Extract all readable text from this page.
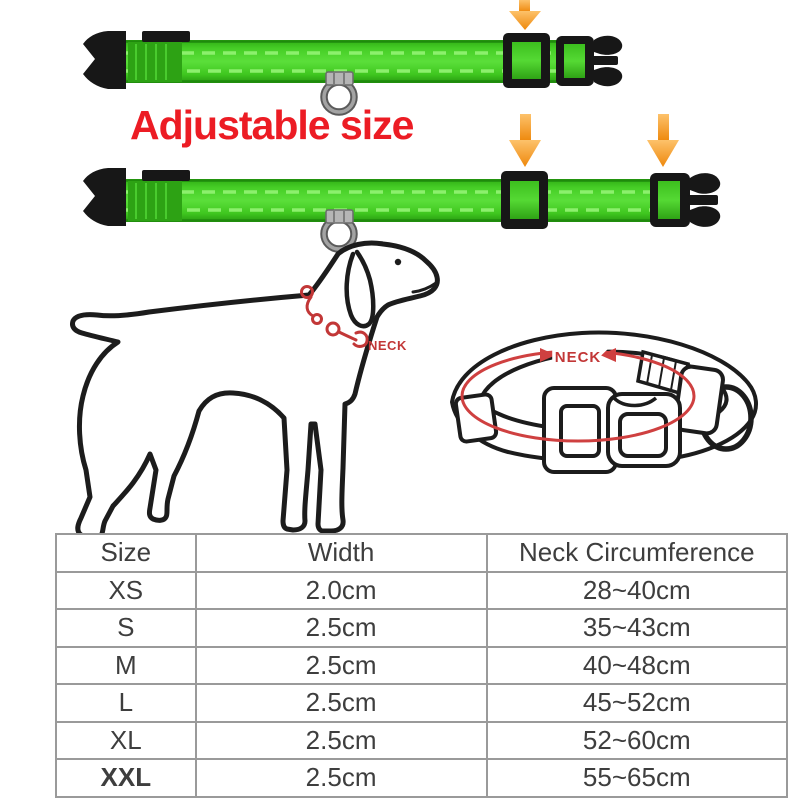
NECK
NECK
Adjustable size
Size	Width	Neck Circumference
XS	2.0cm	28~40cm
S	2.5cm	35~43cm
M	2.5cm	40~48cm
L	2.5cm	45~52cm
XL	2.5cm	52~60cm
XXL	2.5cm	55~65cm
